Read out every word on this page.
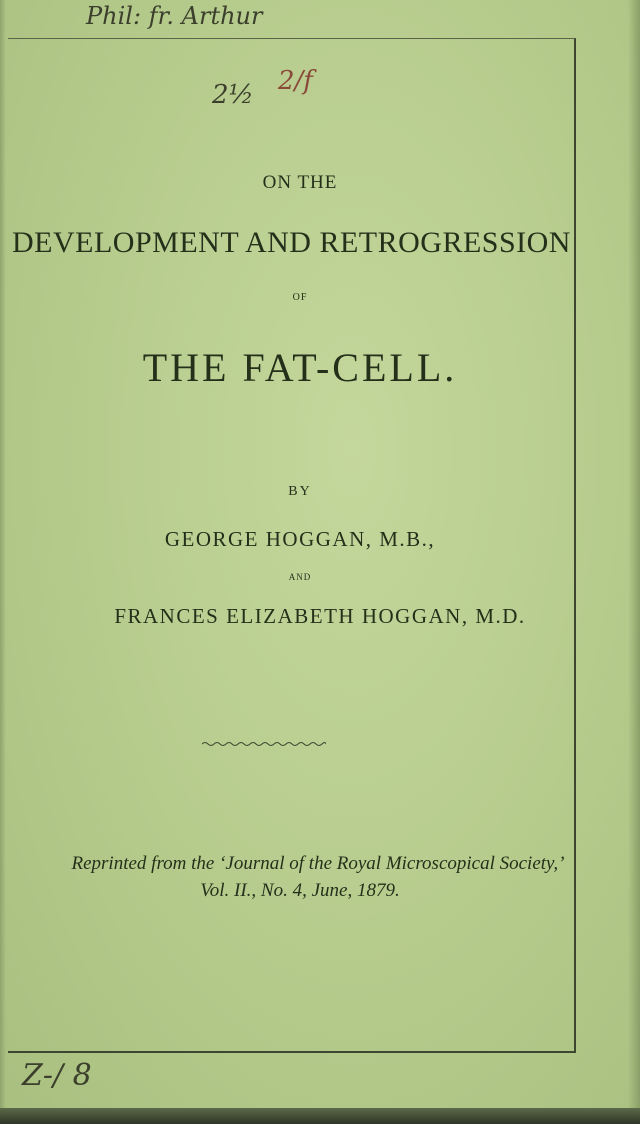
Phil: fr. Arthur
2½ 2/f
ON THE
DEVELOPMENT AND RETROGRESSION
OF
THE FAT-CELL.
BY
GEORGE HOGGAN, M.B.,
AND
FRANCES ELIZABETH HOGGAN, M.D.
Reprinted from the ‘Journal of the Royal Microscopical Society,’
Vol. II., No. 4, June, 1879.
Z-/ 8
